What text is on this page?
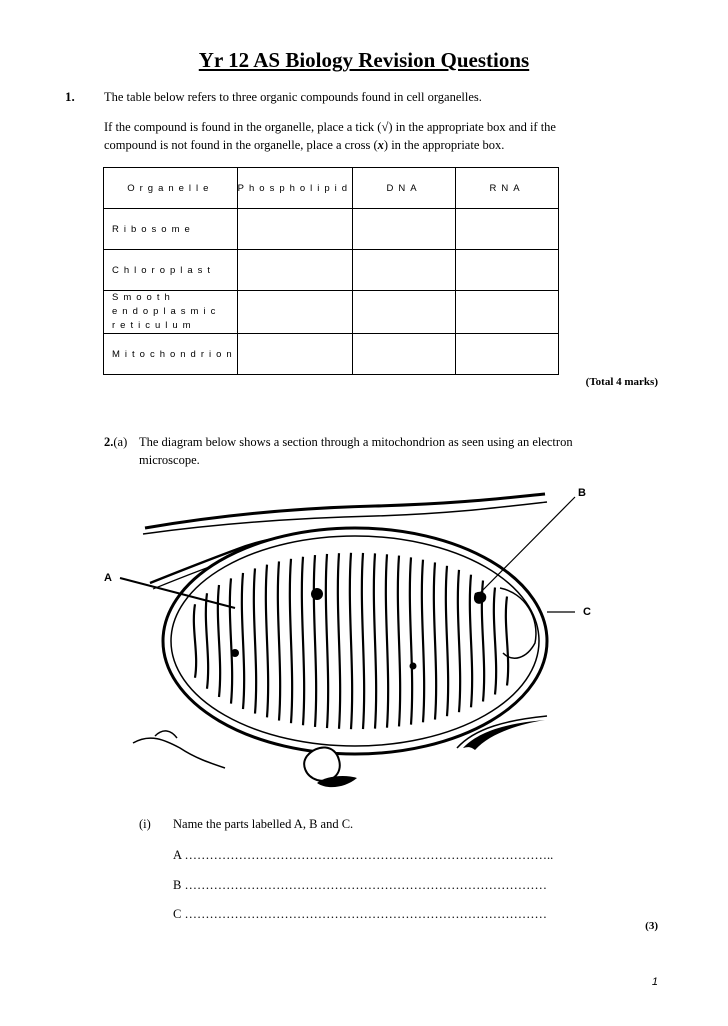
Yr 12 AS Biology Revision Questions
1. The table below refers to three organic compounds found in cell organelles.
If the compound is found in the organelle, place a tick (√) in the appropriate box and if the
compound is not found in the organelle, place a cross (x) in the appropriate box.
Organelle	Phospholipid	DNA	RNA
Ribosome			
Chloroplast			
Smooth endoplasmic reticulum			
Mitochondrion			
(Total 4 marks)
2.(a) The diagram below shows a section through a mitochondrion as seen using an electron
microscope.
A
B
C
(i) Name the parts labelled A, B and C.
A ……………………………………………………………………………..
B ……………………………………………………………………………
C ……………………………………………………………………………
(3)
1
